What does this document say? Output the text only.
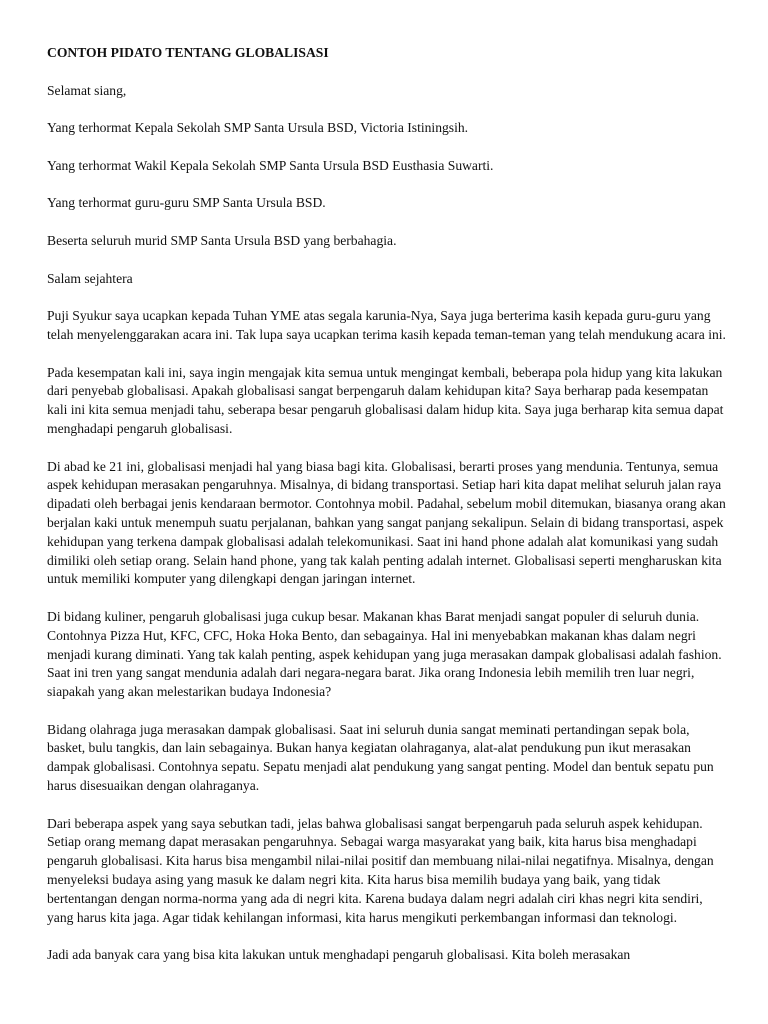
CONTOH PIDATO TENTANG GLOBALISASI
Selamat siang,
Yang terhormat Kepala Sekolah SMP Santa Ursula BSD, Victoria Istiningsih.
Yang terhormat Wakil Kepala Sekolah SMP Santa Ursula BSD Eusthasia Suwarti.
Yang terhormat guru-guru SMP Santa Ursula BSD.
Beserta seluruh murid SMP Santa Ursula BSD yang berbahagia.
Salam sejahtera
Puji Syukur saya ucapkan kepada Tuhan YME atas segala karunia-Nya, Saya juga berterima kasih kepada guru-guru yang telah menyelenggarakan acara ini. Tak lupa saya ucapkan terima kasih kepada teman-teman yang telah mendukung acara ini.
Pada kesempatan kali ini, saya ingin mengajak kita semua untuk mengingat kembali, beberapa pola hidup yang kita lakukan dari penyebab globalisasi. Apakah globalisasi sangat berpengaruh dalam kehidupan kita? Saya berharap pada kesempatan kali ini kita semua menjadi tahu, seberapa besar pengaruh globalisasi dalam hidup kita. Saya juga berharap kita semua dapat menghadapi pengaruh globalisasi.
Di abad ke 21 ini, globalisasi menjadi hal yang biasa bagi kita. Globalisasi, berarti proses yang mendunia. Tentunya, semua aspek kehidupan merasakan pengaruhnya. Misalnya, di bidang transportasi. Setiap hari kita dapat melihat seluruh jalan raya dipadati oleh berbagai jenis kendaraan bermotor. Contohnya mobil. Padahal, sebelum mobil ditemukan, biasanya orang akan berjalan kaki untuk menempuh suatu perjalanan, bahkan yang sangat panjang sekalipun. Selain di bidang transportasi, aspek kehidupan yang terkena dampak globalisasi adalah telekomunikasi. Saat ini hand phone adalah alat komunikasi yang sudah dimiliki oleh setiap orang. Selain hand phone, yang tak kalah penting adalah internet. Globalisasi seperti mengharuskan kita untuk memiliki komputer yang dilengkapi dengan jaringan internet.
Di bidang kuliner, pengaruh globalisasi juga cukup besar. Makanan khas Barat menjadi sangat populer di seluruh dunia. Contohnya Pizza Hut, KFC, CFC, Hoka Hoka Bento, dan sebagainya. Hal ini menyebabkan makanan khas dalam negri menjadi kurang diminati. Yang tak kalah penting, aspek kehidupan yang juga merasakan dampak globalisasi adalah fashion. Saat ini tren yang sangat mendunia adalah dari negara-negara barat. Jika orang Indonesia lebih memilih tren luar negri, siapakah yang akan melestarikan budaya Indonesia?
Bidang olahraga juga merasakan dampak globalisasi. Saat ini seluruh dunia sangat meminati pertandingan sepak bola, basket, bulu tangkis, dan lain sebagainya. Bukan hanya kegiatan olahraganya, alat-alat pendukung pun ikut merasakan dampak globalisasi. Contohnya sepatu. Sepatu menjadi alat pendukung yang sangat penting. Model dan bentuk sepatu pun harus disesuaikan dengan olahraganya.
Dari beberapa aspek yang saya sebutkan tadi, jelas bahwa globalisasi sangat berpengaruh pada seluruh aspek kehidupan. Setiap orang memang dapat merasakan pengaruhnya. Sebagai warga masyarakat yang baik, kita harus bisa menghadapi pengaruh globalisasi. Kita harus bisa mengambil nilai-nilai positif dan membuang nilai-nilai negatifnya. Misalnya, dengan menyeleksi budaya asing yang masuk ke dalam negri kita. Kita harus bisa memilih budaya yang baik, yang tidak bertentangan dengan norma-norma yang ada di negri kita. Karena budaya dalam negri adalah ciri khas negri kita sendiri, yang harus kita jaga. Agar tidak kehilangan informasi, kita harus mengikuti perkembangan informasi dan teknologi.
Jadi ada banyak cara yang bisa kita lakukan untuk menghadapi pengaruh globalisasi. Kita boleh merasakan
